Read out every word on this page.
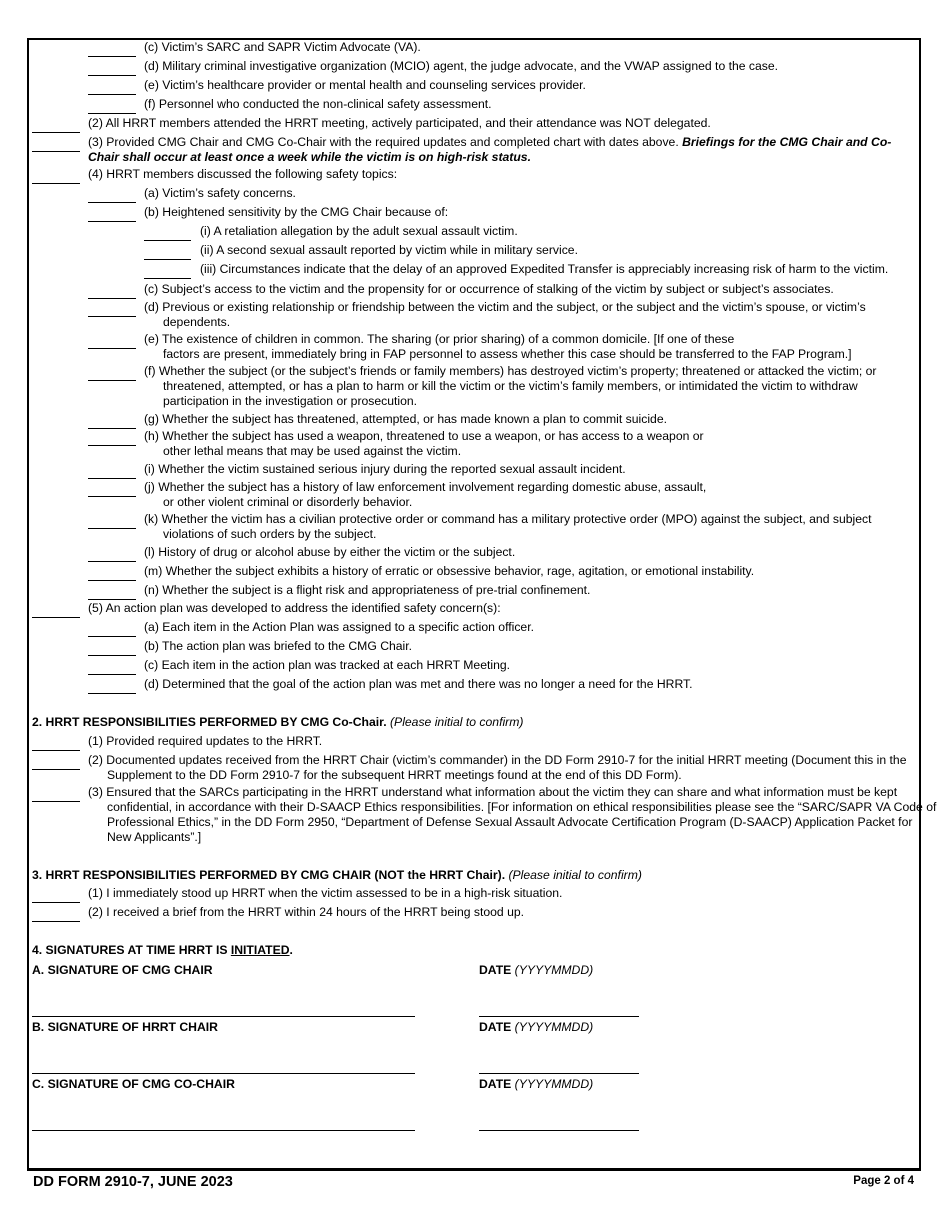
(c) Victim’s SARC and SAPR Victim Advocate (VA).
(d) Military criminal investigative organization (MCIO) agent, the judge advocate, and the VWAP assigned to the case.
(e) Victim’s healthcare provider or mental health and counseling services provider.
(f) Personnel who conducted the non-clinical safety assessment.
(2) All HRRT members attended the HRRT meeting, actively participated, and their attendance was NOT delegated.
(3) Provided CMG Chair and CMG Co-Chair with the required updates and completed chart with dates above. Briefings for the CMG Chair and Co-Chair shall occur at least once a week while the victim is on high-risk status.
(4) HRRT members discussed the following safety topics:
(a) Victim’s safety concerns.
(b) Heightened sensitivity by the CMG Chair because of:
(i) A retaliation allegation by the adult sexual assault victim.
(ii) A second sexual assault reported by victim while in military service.
(iii) Circumstances indicate that the delay of an approved Expedited Transfer is appreciably increasing risk of harm to the victim.
(c) Subject’s access to the victim and the propensity for or occurrence of stalking of the victim by subject or subject’s associates.
(d) Previous or existing relationship or friendship between the victim and the subject, or the subject and the victim’s spouse, or victim’s dependents.
(e) The existence of children in common. The sharing (or prior sharing) of a common domicile. [If one of these
factors are present, immediately bring in FAP personnel to assess whether this case should be transferred to the FAP Program.]
(f) Whether the subject (or the subject’s friends or family members) has destroyed victim’s property; threatened or attacked the victim; or threatened, attempted, or has a plan to harm or kill the victim or the victim’s family members, or intimidated the victim to withdraw participation in the investigation or prosecution.
(g) Whether the subject has threatened, attempted, or has made known a plan to commit suicide.
(h) Whether the subject has used a weapon, threatened to use a weapon, or has access to a weapon or
other lethal means that may be used against the victim.
(i) Whether the victim sustained serious injury during the reported sexual assault incident.
(j) Whether the subject has a history of law enforcement involvement regarding domestic abuse, assault,
or other violent criminal or disorderly behavior.
(k) Whether the victim has a civilian protective order or command has a military protective order (MPO) against the subject, and subject violations of such orders by the subject.
(l) History of drug or alcohol abuse by either the victim or the subject.
(m) Whether the subject exhibits a history of erratic or obsessive behavior, rage, agitation, or emotional instability.
(n) Whether the subject is a flight risk and appropriateness of pre-trial confinement.
(5) An action plan was developed to address the identified safety concern(s):
(a) Each item in the Action Plan was assigned to a specific action officer.
(b) The action plan was briefed to the CMG Chair.
(c) Each item in the action plan was tracked at each HRRT Meeting.
(d) Determined that the goal of the action plan was met and there was no longer a need for the HRRT.
2. HRRT RESPONSIBILITIES PERFORMED BY CMG Co-Chair. (Please initial to confirm)
(1) Provided required updates to the HRRT.
(2) Documented updates received from the HRRT Chair (victim’s commander) in the DD Form 2910-7 for the initial HRRT meeting (Document this in the Supplement to the DD Form 2910-7 for the subsequent HRRT meetings found at the end of this DD Form).
(3) Ensured that the SARCs participating in the HRRT understand what information about the victim they can share and what information must be kept confidential, in accordance with their D-SAACP Ethics responsibilities. [For information on ethical responsibilities please see the “SARC/SAPR VA Code of Professional Ethics,” in the DD Form 2950, “Department of Defense Sexual Assault Advocate Certification Program (D-SAACP) Application Packet for New Applicants”.]
3. HRRT RESPONSIBILITIES PERFORMED BY CMG CHAIR (NOT the HRRT Chair). (Please initial to confirm)
(1) I immediately stood up HRRT when the victim assessed to be in a high-risk situation.
(2) I received a brief from the HRRT within 24 hours of the HRRT being stood up.
4. SIGNATURES AT TIME HRRT IS INITIATED.
A. SIGNATURE OF CMG CHAIR	DATE (YYYYMMDD)
B. SIGNATURE OF HRRT CHAIR	DATE (YYYYMMDD)
C. SIGNATURE OF CMG CO-CHAIR	DATE (YYYYMMDD)
DD FORM 2910-7, JUNE 2023	Page 2 of 4
